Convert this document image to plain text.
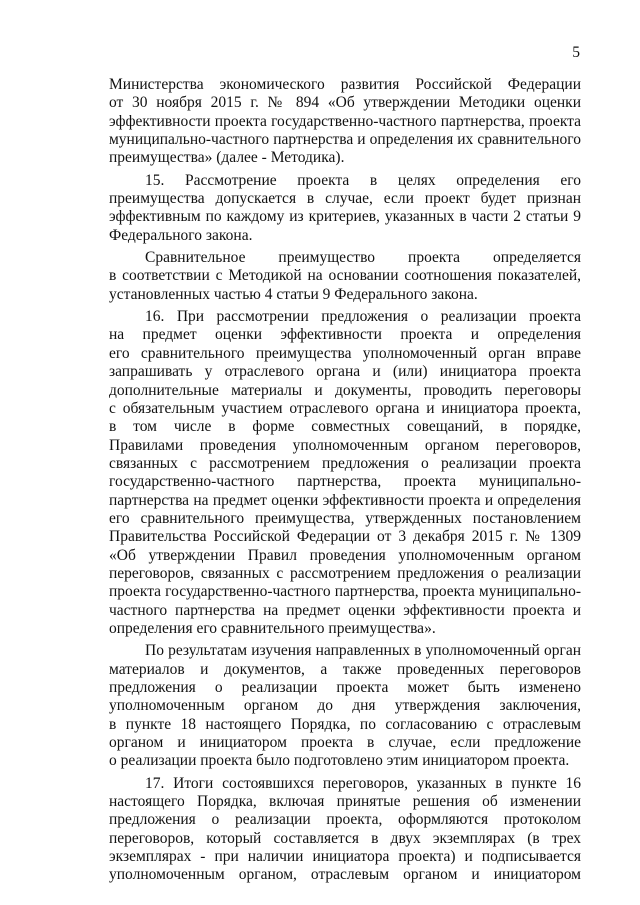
5
Министерства экономического развития Российской Федерации
от 30 ноября 2015 г. № 894 «Об утверждении Методики оценки
эффективности проекта государственно-частного партнерства, проекта
муниципально-частного партнерства и определения их сравнительного
преимущества» (далее - Методика).
15. Рассмотрение проекта в целях определения его
преимущества допускается в случае, если проект будет признан
эффективным по каждому из критериев, указанных в части 2 статьи 9
Федерального закона.
Сравнительное преимущество проекта определяется
в соответствии с Методикой на основании соотношения показателей,
установленных частью 4 статьи 9 Федерального закона.
16. При рассмотрении предложения о реализации проекта
на предмет оценки эффективности проекта и определения
его сравнительного преимущества уполномоченный орган вправе
запрашивать у отраслевого органа и (или) инициатора проекта
дополнительные материалы и документы, проводить переговоры
с обязательным участием отраслевого органа и инициатора проекта,
в том числе в форме совместных совещаний, в порядке,
Правилами проведения уполномоченным органом переговоров,
связанных с рассмотрением предложения о реализации проекта
государственно-частного партнерства, проекта муниципально-
партнерства на предмет оценки эффективности проекта и определения
его сравнительного преимущества, утвержденных постановлением
Правительства Российской Федерации от 3 декабря 2015 г. № 1309
«Об утверждении Правил проведения уполномоченным органом
переговоров, связанных с рассмотрением предложения о реализации
проекта государственно-частного партнерства, проекта муниципально-
частного партнерства на предмет оценки эффективности проекта и
определения его сравнительного преимущества».
По результатам изучения направленных в уполномоченный орган
материалов и документов, а также проведенных переговоров
предложения о реализации проекта может быть изменено
уполномоченным органом до дня утверждения заключения,
в пункте 18 настоящего Порядка, по согласованию с отраслевым
органом и инициатором проекта в случае, если предложение
о реализации проекта было подготовлено этим инициатором проекта.
17. Итоги состоявшихся переговоров, указанных в пункте 16
настоящего Порядка, включая принятые решения об изменении
предложения о реализации проекта, оформляются протоколом
переговоров, который составляется в двух экземплярах (в трех
экземплярах - при наличии инициатора проекта) и подписывается
уполномоченным органом, отраслевым органом и инициатором
